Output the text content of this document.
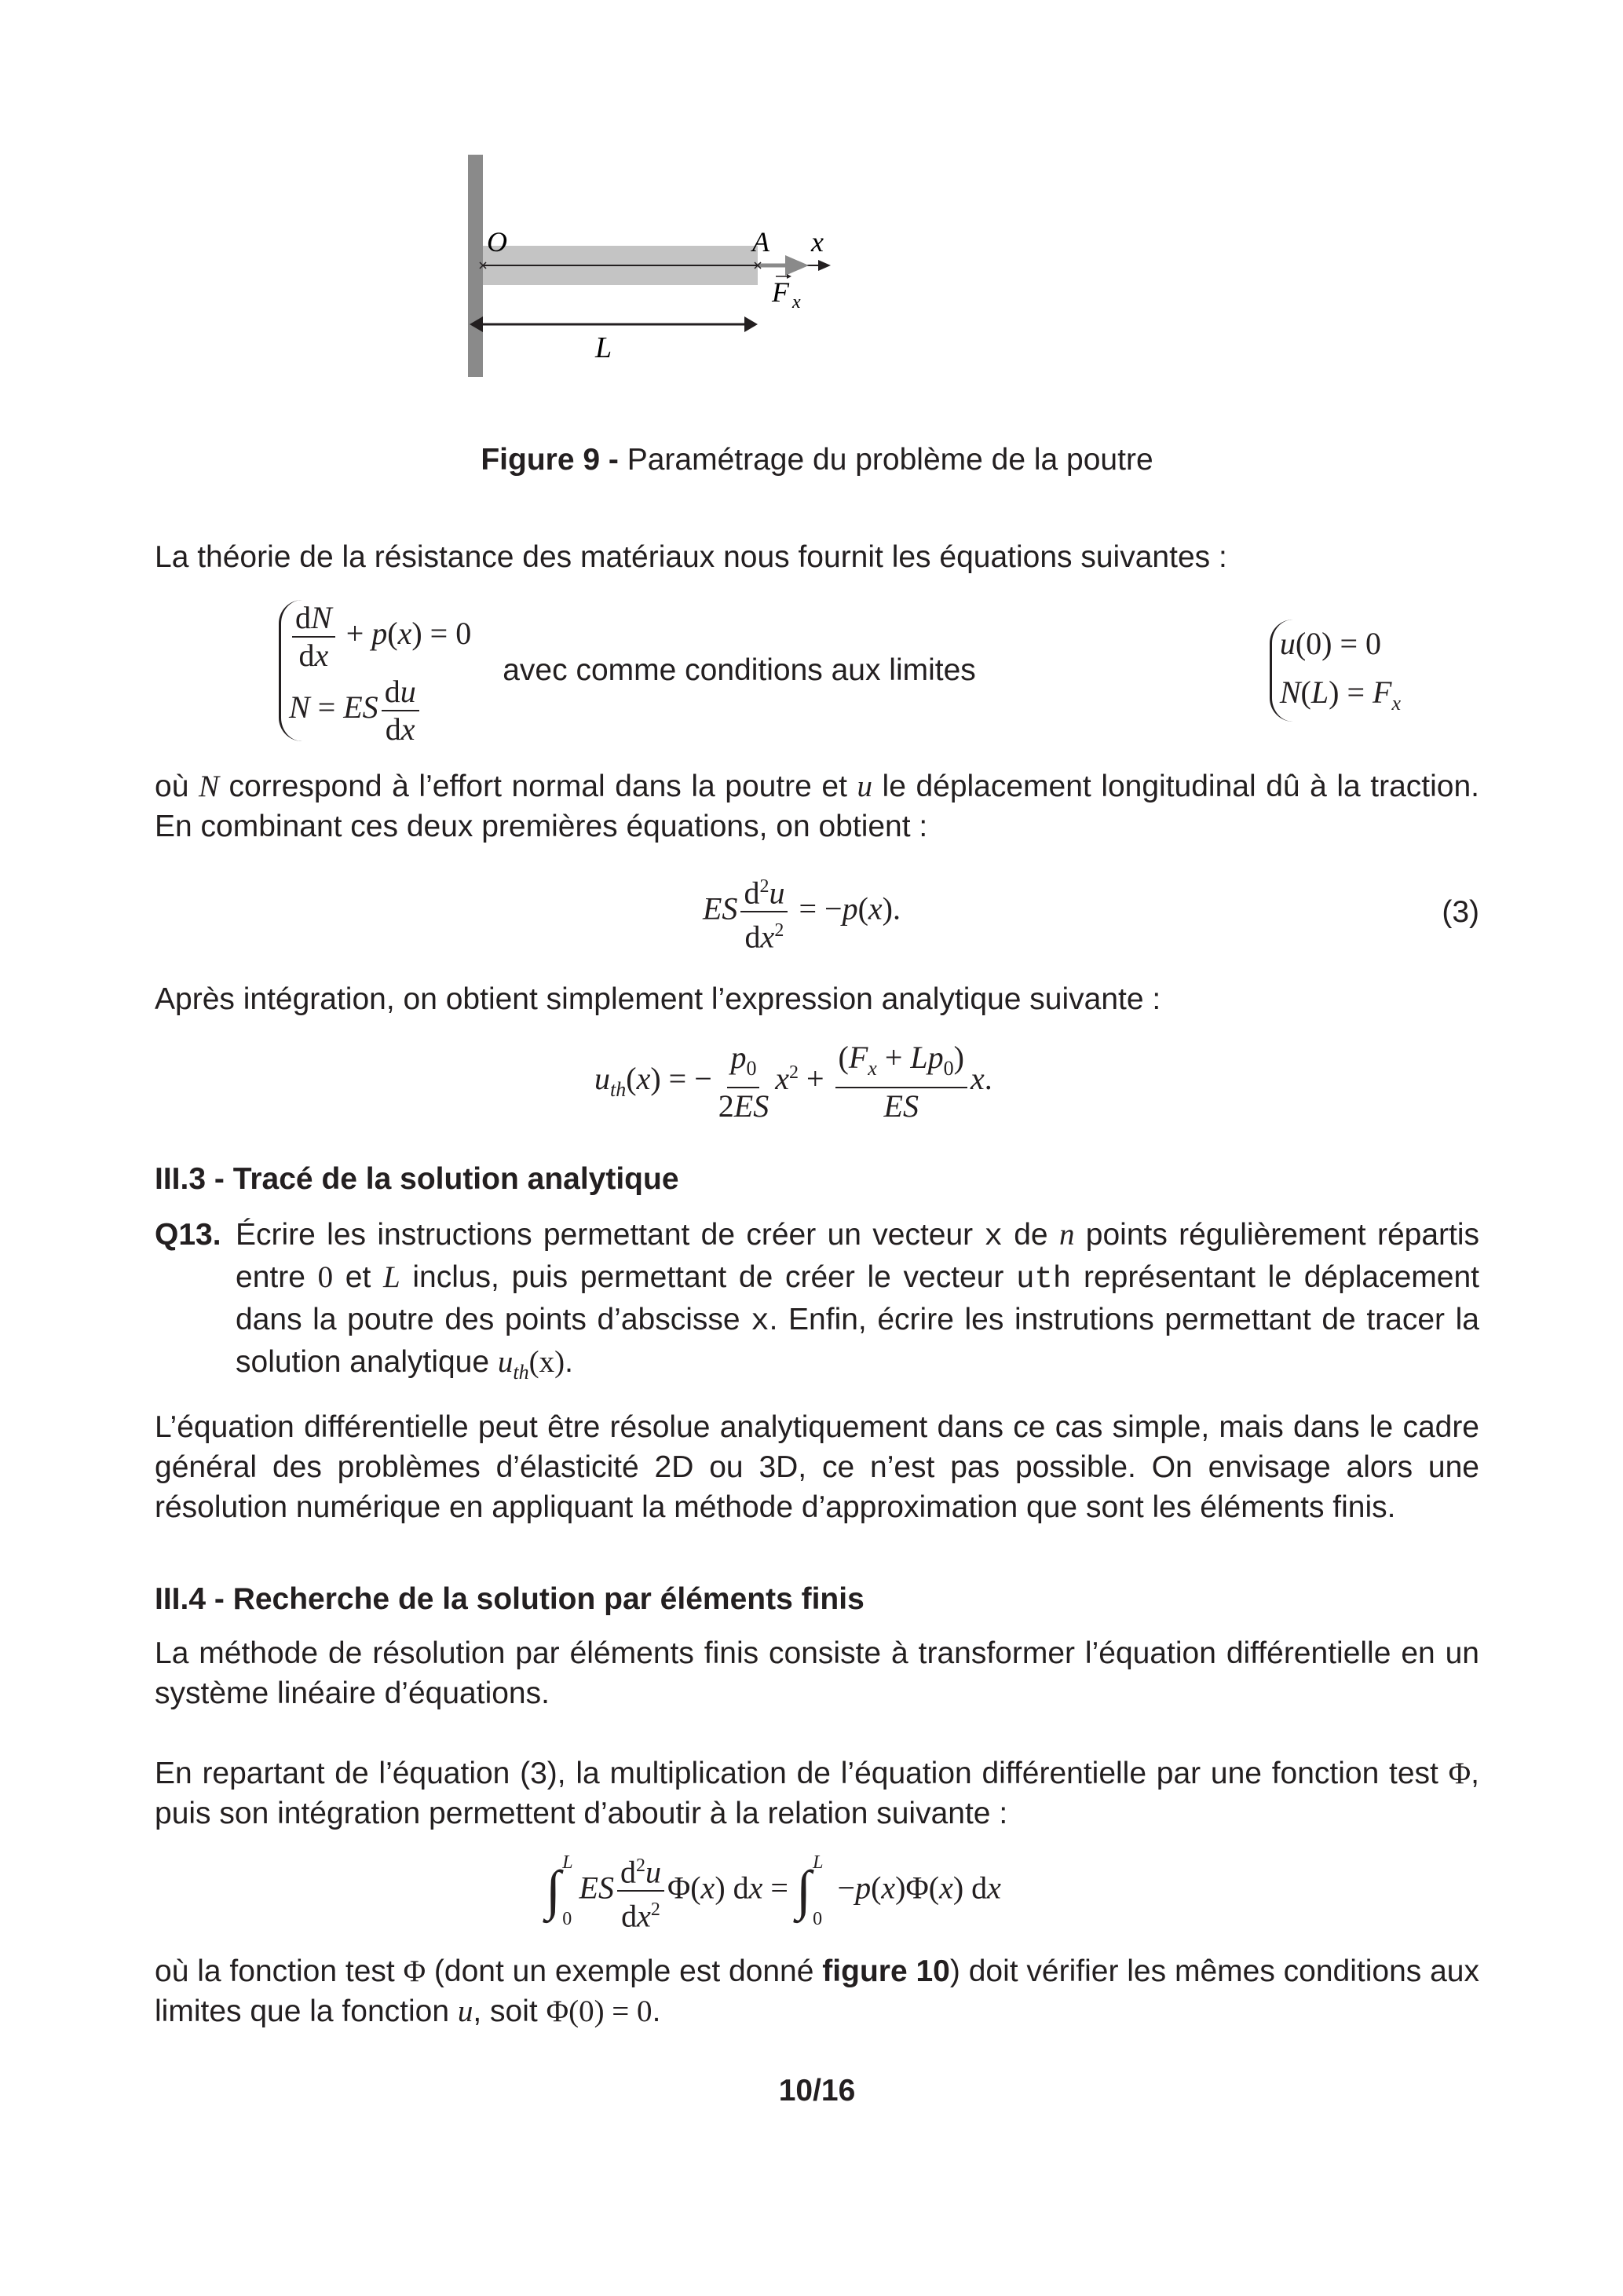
O	A x
L
F x
Figure 9 - Paramétrage du problème de la poutre
La théorie de la résistance des matériaux nous fournit les équations suivantes :
$\frac{dN}{dx} + p(x) = 0$
N = ES $\frac{du}{dx}$
avec comme conditions aux limites
u(0) = 0
$N(L) = F_x$
où N correspond à l’effort normal dans la poutre et u le déplacement longitudinal dû à la traction. En combinant ces deux premières équations, on obtient :
ES $\frac{d^2u}{dx^2} = -p(x)$.	(3)
Après intégration, on obtient simplement l’expression analytique suivante :
$u_{th}(x)$ = − $\frac{p_0}{2ES} x^2 + \frac{(F_x + Lp_0)}{ES} x$.
III.3 - Tracé de la solution analytique
Q13. Écrire les instructions permettant de créer un vecteur x de n points régulièrement répartis entre 0 et L inclus, puis permettant de créer le vecteur uth représentant le déplacement dans la poutre des points d’abscisse x. Enfin, écrire les instrutions permettant de tracer la solution analytique $u_{th}(x)$.
L’équation différentielle peut être résolue analytiquement dans ce cas simple, mais dans le cadre général des problèmes d’élasticité 2D ou 3D, ce n’est pas possible. On envisage alors une résolution numérique en appliquant la méthode d’approximation que sont les éléments finis.
III.4 - Recherche de la solution par éléments finis
La méthode de résolution par éléments finis consiste à transformer l’équation différentielle en un système linéaire d’équations.
En repartant de l’équation (3), la multiplication de l’équation différentielle par une fonction test Φ, puis son intégration permettent d’aboutir à la relation suivante :
∫ L
0
ES $\frac{d^2u}{dx^2} \Phi(x)$ dx = ∫ L
0
−p(x)Φ(x) dx
où la fonction test Φ (dont un exemple est donné figure 10) doit vérifier les mêmes conditions aux limites que la fonction u, soit Φ(0) = 0.
10/16
